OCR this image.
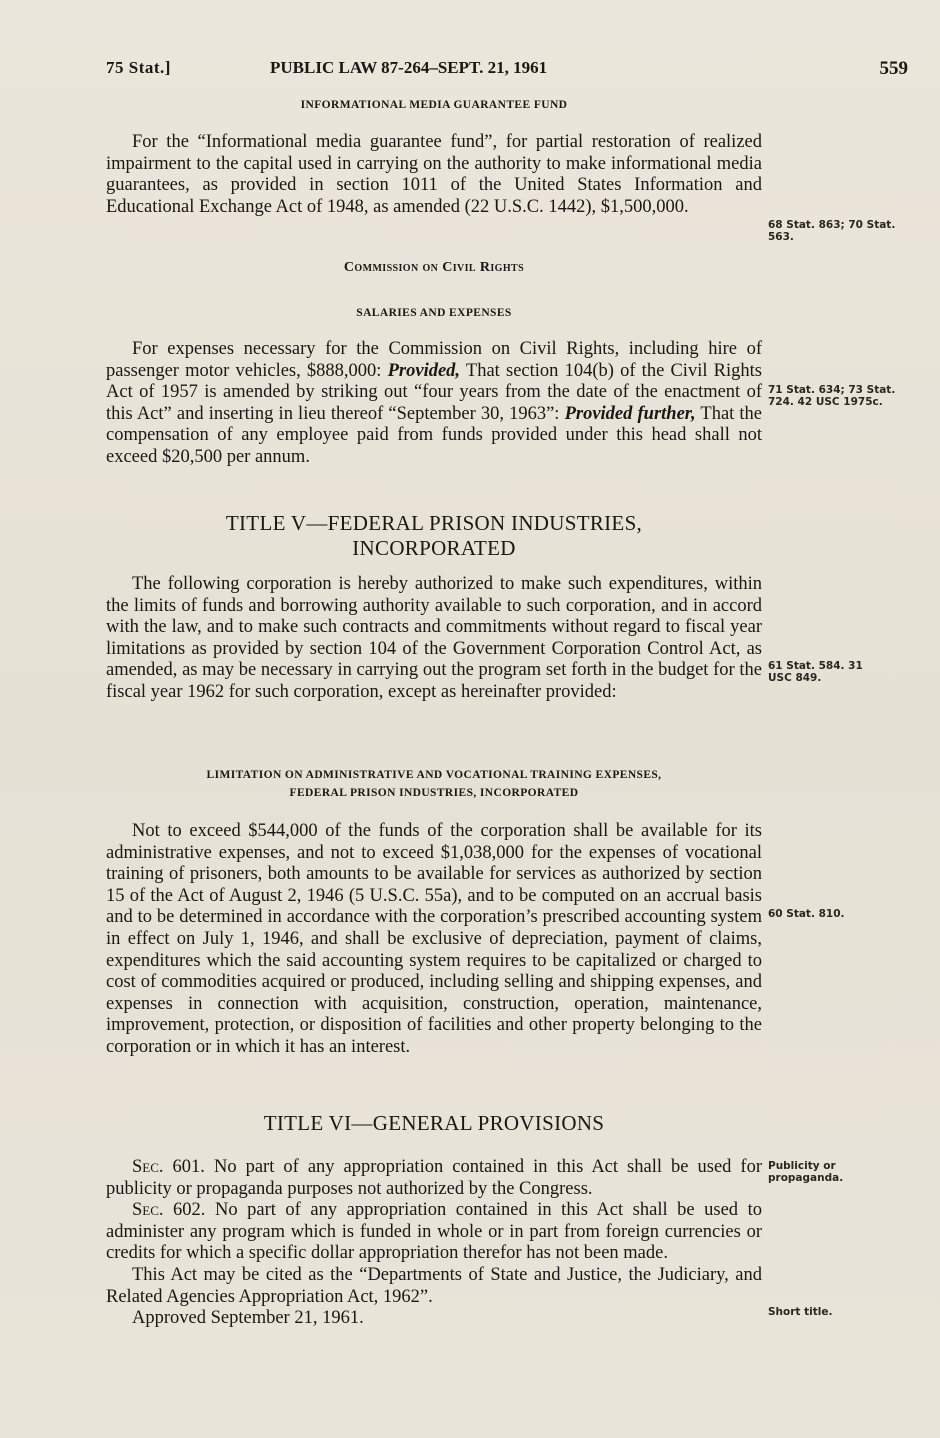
75 Stat.]	PUBLIC LAW 87-264–SEPT. 21, 1961	559
INFORMATIONAL MEDIA GUARANTEE FUND

For the “Informational media guarantee fund”, for partial restoration of realized impairment to the capital used in carrying on the authority to make informational media guarantees, as provided in section 1011 of the United States Information and Educational Exchange Act of 1948, as amended (22 U.S.C. 1442), $1,500,000.

68 Stat. 863; 70 Stat. 563.
Commission on Civil Rights
SALARIES AND EXPENSES

For expenses necessary for the Commission on Civil Rights, including hire of passenger motor vehicles, $888,000: Provided, That section 104(b) of the Civil Rights Act of 1957 is amended by striking out “four years from the date of the enactment of this Act” and inserting in lieu thereof “September 30, 1963”: Provided further, That the compensation of any employee paid from funds provided under this head shall not exceed $20,500 per annum.

71 Stat. 634; 73 Stat. 724. 42 USC 1975c.
TITLE V—FEDERAL PRISON INDUSTRIES,
INCORPORATED

The following corporation is hereby authorized to make such expenditures, within the limits of funds and borrowing authority available to such corporation, and in accord with the law, and to make such contracts and commitments without regard to fiscal year limitations as provided by section 104 of the Government Corporation Control Act, as amended, as may be necessary in carrying out the program set forth in the budget for the fiscal year 1962 for such corporation, except as hereinafter provided:

61 Stat. 584. 31 USC 849.
LIMITATION ON ADMINISTRATIVE AND VOCATIONAL TRAINING EXPENSES,
FEDERAL PRISON INDUSTRIES, INCORPORATED

Not to exceed $544,000 of the funds of the corporation shall be available for its administrative expenses, and not to exceed $1,038,000 for the expenses of vocational training of prisoners, both amounts to be available for services as authorized by section 15 of the Act of August 2, 1946 (5 U.S.C. 55a), and to be computed on an accrual basis and to be determined in accordance with the corporation’s prescribed accounting system in effect on July 1, 1946, and shall be exclusive of depreciation, payment of claims, expenditures which the said accounting system requires to be capitalized or charged to cost of commodities acquired or produced, including selling and shipping expenses, and expenses in connection with acquisition, construction, operation, maintenance, improvement, protection, or disposition of facilities and other property belonging to the corporation or in which it has an interest.

60 Stat. 810.
TITLE VI—GENERAL PROVISIONS

Sec. 601. No part of any appropriation contained in this Act shall be used for publicity or propaganda purposes not authorized by the Congress.

Sec. 602. No part of any appropriation contained in this Act shall be used to administer any program which is funded in whole or in part from foreign currencies or credits for which a specific dollar appropriation therefor has not been made.

This Act may be cited as the “Departments of State and Justice, the Judiciary, and Related Agencies Appropriation Act, 1962”.

Approved September 21, 1961.

Publicity or propaganda.
Short title.
